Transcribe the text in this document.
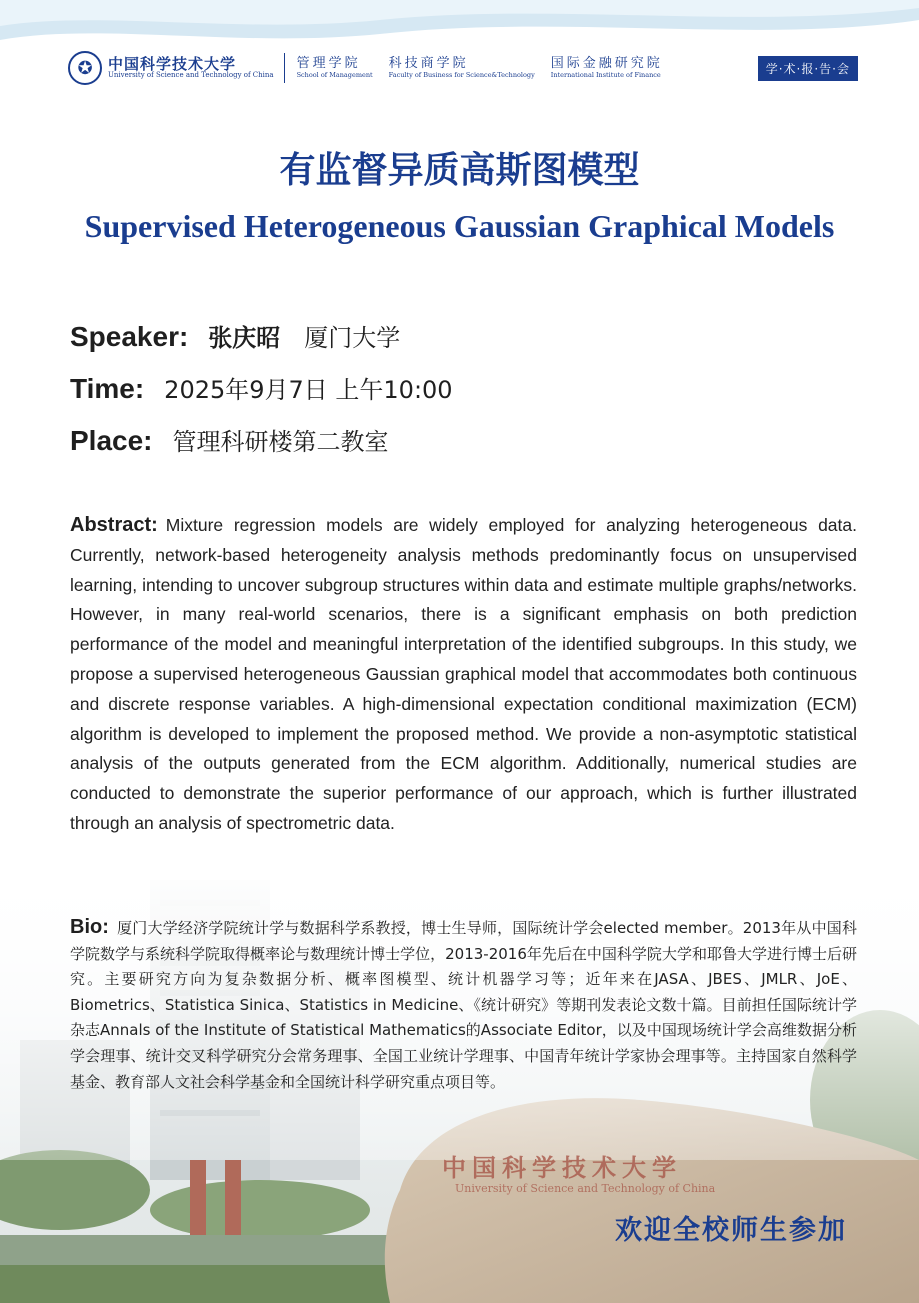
✪	中国科学技术大学
University of Science and Technology of China
管理学院
School of Management
科技商学院
Faculty of Business for Science&Technology
国际金融研究院
International Institute of Finance	学·术·报·告·会
有监督异质高斯图模型
Supervised Heterogeneous Gaussian Graphical Models
Speaker: 张庆昭 厦门大学
Time: 2025年9月7日 上午10:00
Place: 管理科研楼第二教室
Abstract: Mixture regression models are widely employed for analyzing heterogeneous data. Currently, network-based heterogeneity analysis methods predominantly focus on unsupervised learning, intending to uncover subgroup structures within data and estimate multiple graphs/networks. However, in many real-world scenarios, there is a significant emphasis on both prediction performance of the model and meaningful interpretation of the identified subgroups. In this study, we propose a supervised heterogeneous Gaussian graphical model that accommodates both continuous and discrete response variables. A high-dimensional expectation conditional maximization (ECM) algorithm is developed to implement the proposed method. We provide a non-asymptotic statistical analysis of the outputs generated from the ECM algorithm. Additionally, numerical studies are conducted to demonstrate the superior performance of our approach, which is further illustrated through an analysis of spectrometric data.
Bio: 厦门大学经济学院统计学与数据科学系教授，博士生导师，国际统计学会elected member。2013年从中国科学院数学与系统科学院取得概率论与数理统计博士学位，2013-2016年先后在中国科学院大学和耶鲁大学进行博士后研究。主要研究方向为复杂数据分析、概率图模型、统计机器学习等；近年来在JASA、JBES、JMLR、JoE、Biometrics、Statistica Sinica、Statistics in Medicine、《统计研究》等期刊发表论文数十篇。目前担任国际统计学杂志Annals of the Institute of Statistical Mathematics的Associate Editor，以及中国现场统计学会高维数据分析学会理事、统计交叉科学研究分会常务理事、全国工业统计学理事、中国青年统计学家协会理事等。主持国家自然科学基金、教育部人文社会科学基金和全国统计科学研究重点项目等。
中国科学技术大学
University of Science and Technology of China
欢迎全校师生参加
